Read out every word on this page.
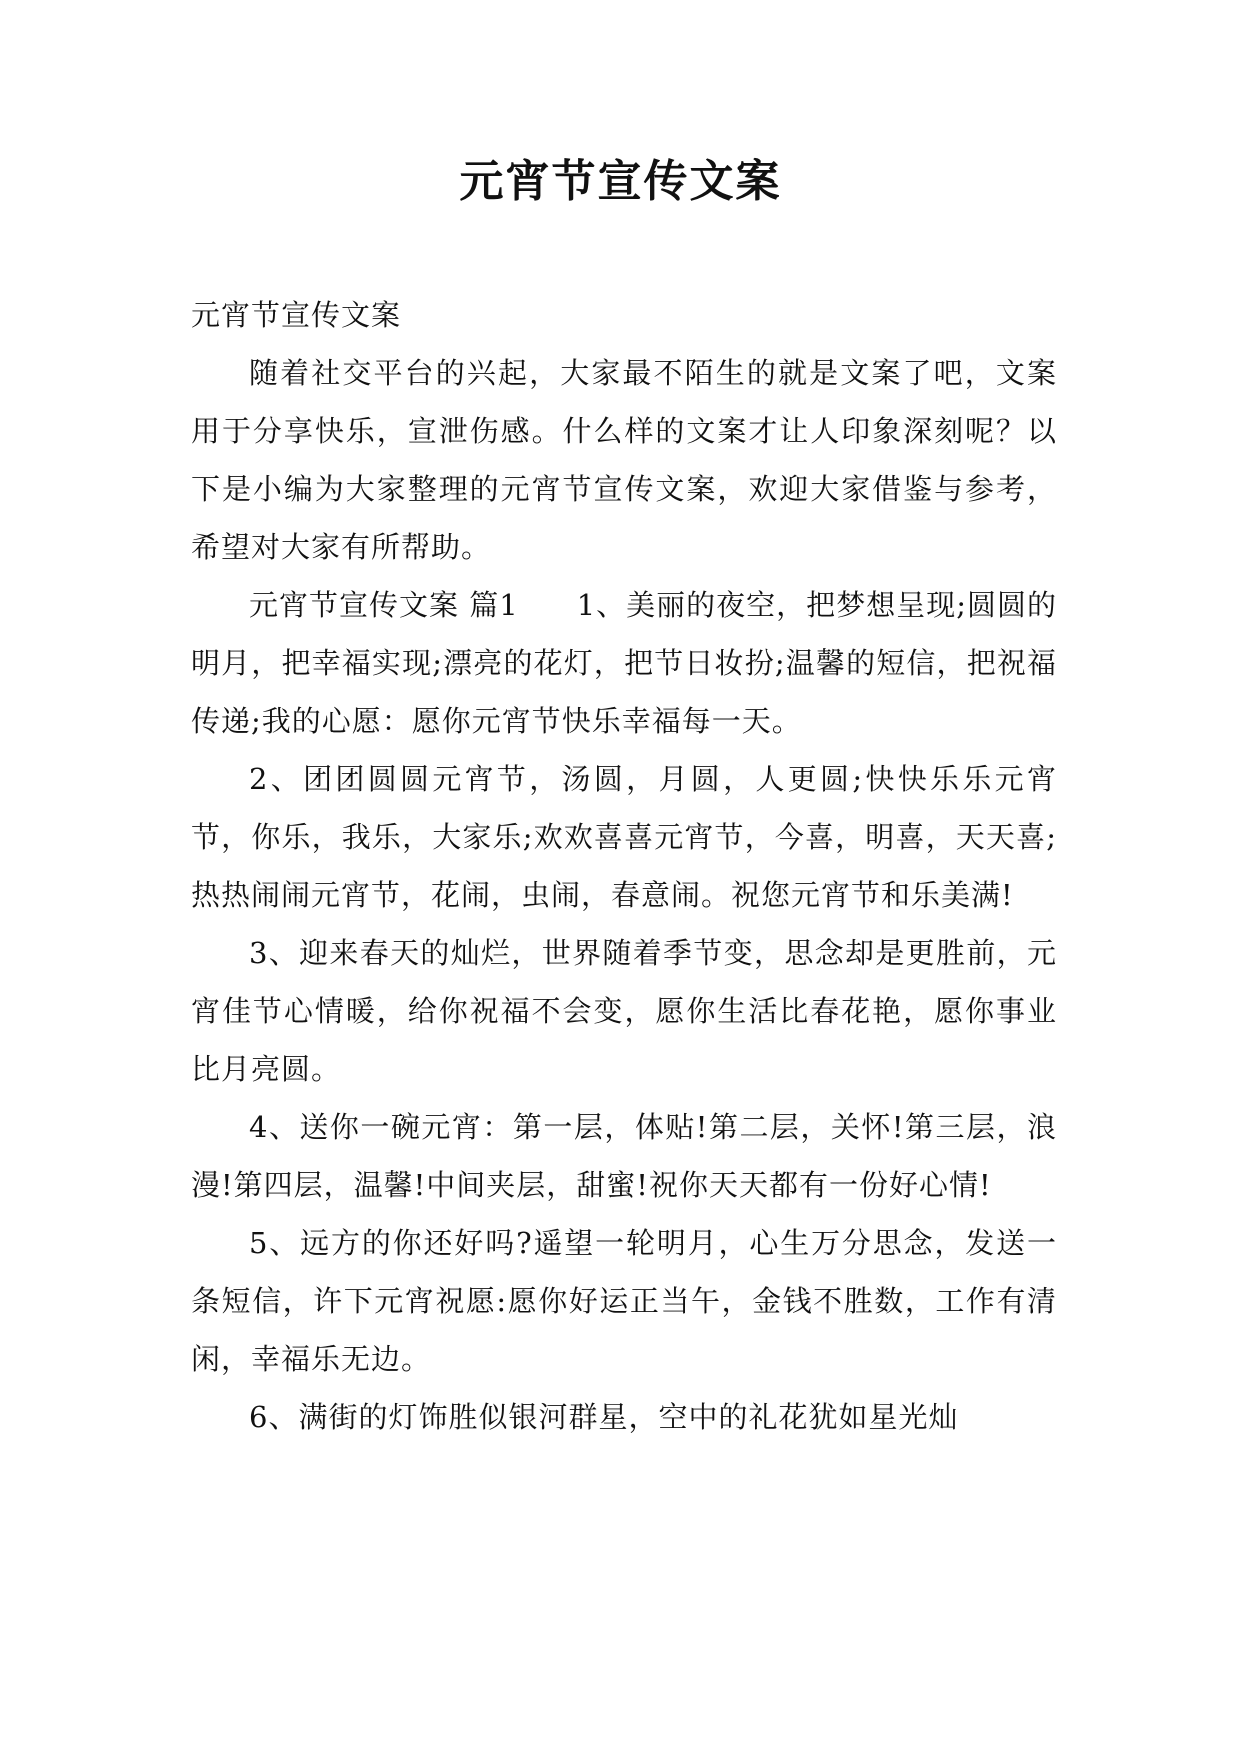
元宵节宣传文案
元宵节宣传文案

随着社交平台的兴起，大家最不陌生的就是文案了吧，文案用于分享快乐，宣泄伤感。什么样的文案才让人印象深刻呢？以下是小编为大家整理的元宵节宣传文案，欢迎大家借鉴与参考，希望对大家有所帮助。

元宵节宣传文案 篇1 1、美丽的夜空，把梦想呈现;圆圆的明月，把幸福实现;漂亮的花灯，把节日妆扮;温馨的短信，把祝福传递;我的心愿：愿你元宵节快乐幸福每一天。

2、团团圆圆元宵节，汤圆，月圆，人更圆;快快乐乐元宵节，你乐，我乐，大家乐;欢欢喜喜元宵节，今喜，明喜，天天喜;热热闹闹元宵节，花闹，虫闹，春意闹。祝您元宵节和乐美满!

3、迎来春天的灿烂，世界随着季节变，思念却是更胜前，元宵佳节心情暖，给你祝福不会变，愿你生活比春花艳，愿你事业比月亮圆。

4、送你一碗元宵：第一层，体贴!第二层，关怀!第三层，浪漫!第四层，温馨!中间夹层，甜蜜!祝你天天都有一份好心情!

5、远方的你还好吗?遥望一轮明月，心生万分思念，发送一条短信，许下元宵祝愿:愿你好运正当午，金钱不胜数，工作有清闲，幸福乐无边。

6、满街的灯饰胜似银河群星，空中的礼花犹如星光灿
